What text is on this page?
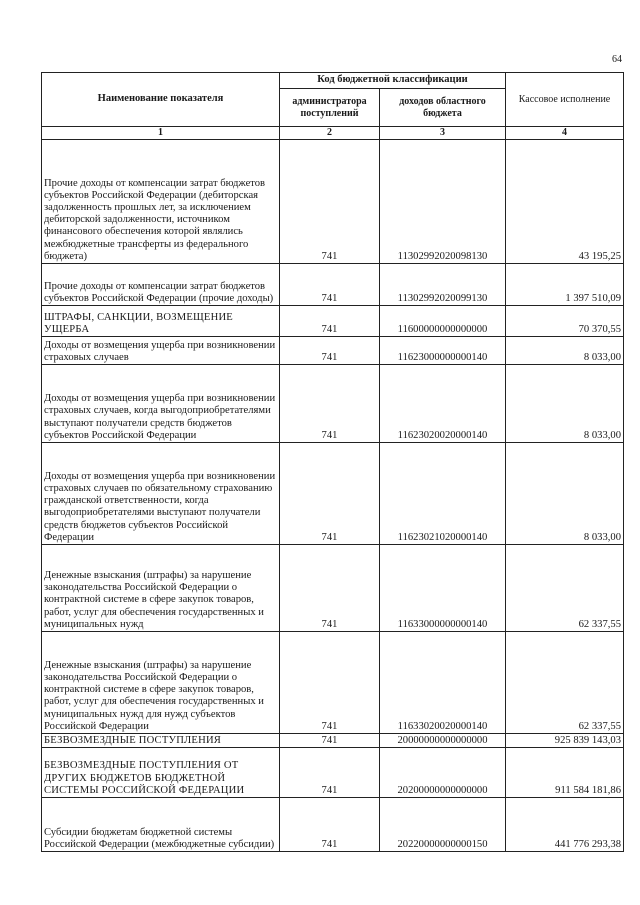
64
Наименование показателя	Код бюджетной классификации		Кассовое исполнение
	администратора поступлений	доходов областного бюджета	
1	2	3	4
Прочие доходы от компенсации затрат бюджетов субъектов Российской Федерации (дебиторская задолженность прошлых лет, за исключением дебиторской задолженности, источником финансового обеспечения которой являлись межбюджетные трансферты из федерального бюджета)	741	11302992020098130	43 195,25
Прочие доходы от компенсации затрат бюджетов субъектов Российской Федерации (прочие доходы)	741	11302992020099130	1 397 510,09
ШТРАФЫ, САНКЦИИ, ВОЗМЕЩЕНИЕ УЩЕРБА	741	11600000000000000	70 370,55
Доходы от возмещения ущерба при возникновении страховых случаев	741	11623000000000140	8 033,00
Доходы от возмещения ущерба при возникновении страховых случаев, когда выгодоприобретателями выступают получатели средств бюджетов субъектов Российской Федерации	741	11623020020000140	8 033,00
Доходы от возмещения ущерба при возникновении страховых случаев по обязательному страхованию гражданской ответственности, когда выгодоприобретателями выступают получатели средств бюджетов субъектов Российской Федерации	741	11623021020000140	8 033,00
Денежные взыскания (штрафы) за нарушение законодательства Российской Федерации о контрактной системе в сфере закупок товаров, работ, услуг для обеспечения государственных и муниципальных нужд	741	11633000000000140	62 337,55
Денежные взыскания (штрафы) за нарушение законодательства Российской Федерации о контрактной системе в сфере закупок товаров, работ, услуг для обеспечения государственных и муниципальных нужд для нужд субъектов Российской Федерации	741	11633020020000140	62 337,55
БЕЗВОЗМЕЗДНЫЕ ПОСТУПЛЕНИЯ	741	20000000000000000	925 839 143,03
БЕЗВОЗМЕЗДНЫЕ ПОСТУПЛЕНИЯ ОТ ДРУГИХ БЮДЖЕТОВ БЮДЖЕТНОЙ СИСТЕМЫ РОССИЙСКОЙ ФЕДЕРАЦИИ	741	20200000000000000	911 584 181,86
Субсидии бюджетам бюджетной системы Российской Федерации (межбюджетные субсидии)	741	20220000000000150	441 776 293,38
